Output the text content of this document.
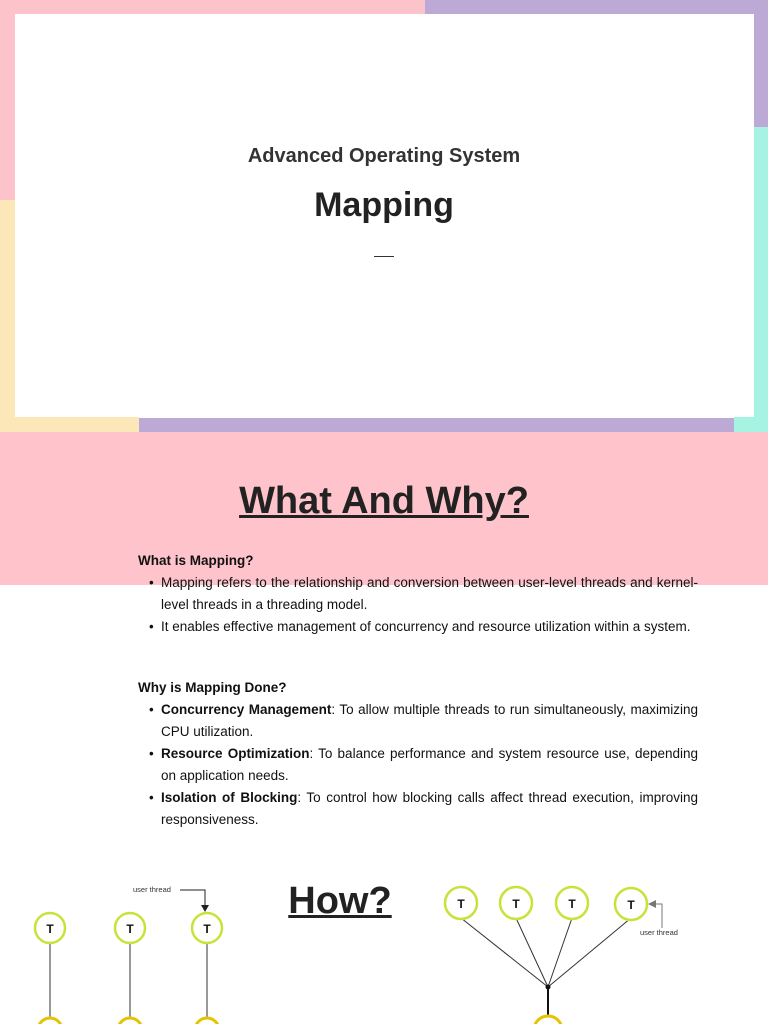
Advanced Operating System
Mapping
What And Why?
What is Mapping?
• Mapping refers to the relationship and conversion between user-level threads and kernel-level threads in a threading model.
• It enables effective management of concurrency and resource utilization within a system.
Why is Mapping Done?
• Concurrency Management: To allow multiple threads to run simultaneously, maximizing CPU utilization.
• Resource Optimization: To balance performance and system resource use, depending on application needs.
• Isolation of Blocking: To control how blocking calls affect thread execution, improving responsiveness.
How?
T	T	T
user thread
T	T	T	T
user thread
